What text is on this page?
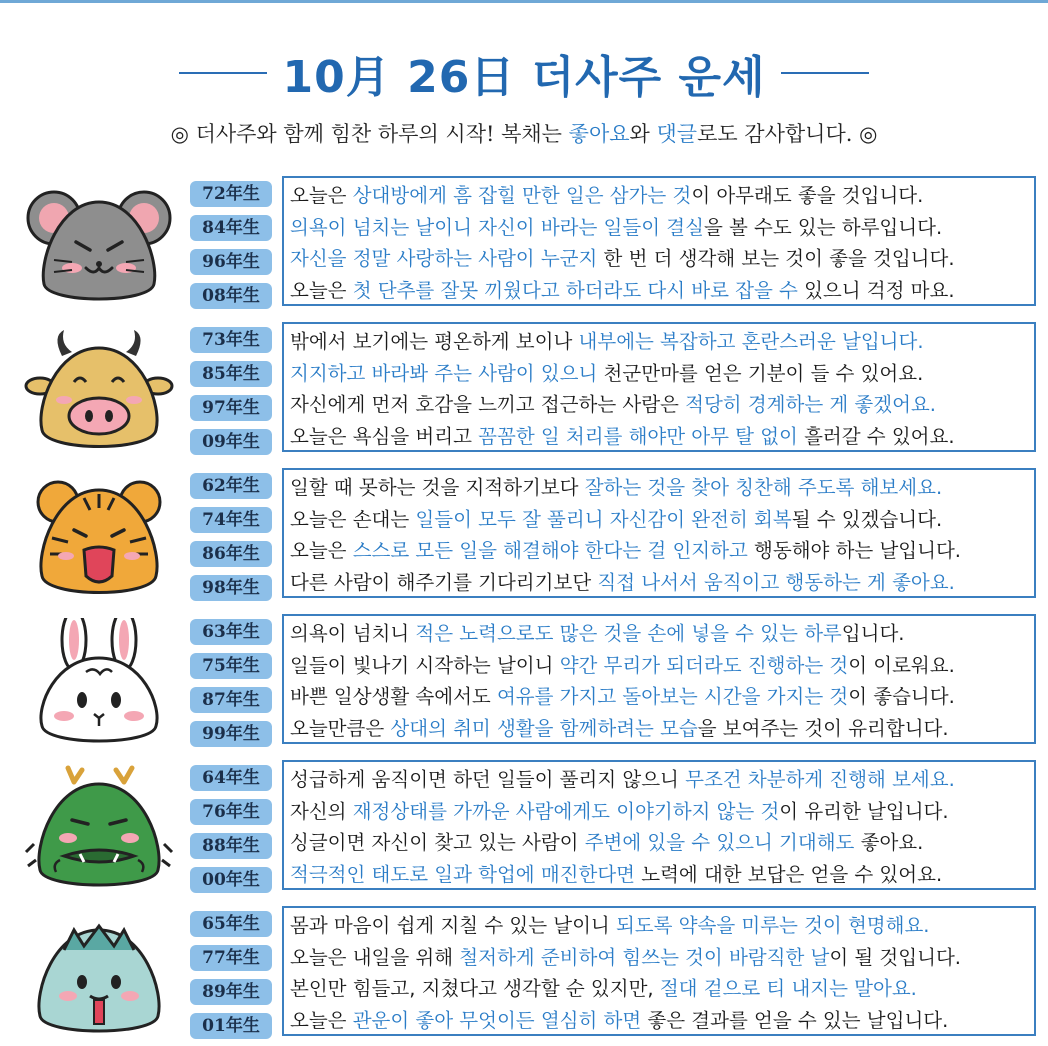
10月 26日 더사주 운세
◎ 더사주와 함께 힘찬 하루의 시작! 복채는 좋아요와 댓글로도 감사합니다. ◎
72年生
84年生
96年生
08年生
오늘은 상대방에게 흠 잡힐 만한 일은 삼가는 것이 아무래도 좋을 것입니다.
의욕이 넘치는 날이니 자신이 바라는 일들이 결실을 볼 수도 있는 하루입니다.
자신을 정말 사랑하는 사람이 누군지 한 번 더 생각해 보는 것이 좋을 것입니다.
오늘은 첫 단추를 잘못 끼웠다고 하더라도 다시 바로 잡을 수 있으니 걱정 마요.
73年生
85年生
97年生
09年生
밖에서 보기에는 평온하게 보이나 내부에는 복잡하고 혼란스러운 날입니다.
지지하고 바라봐 주는 사람이 있으니 천군만마를 얻은 기분이 들 수 있어요.
자신에게 먼저 호감을 느끼고 접근하는 사람은 적당히 경계하는 게 좋겠어요.
오늘은 욕심을 버리고 꼼꼼한 일 처리를 해야만 아무 탈 없이 흘러갈 수 있어요.
62年生
74年生
86年生
98年生
일할 때 못하는 것을 지적하기보다 잘하는 것을 찾아 칭찬해 주도록 해보세요.
오늘은 손대는 일들이 모두 잘 풀리니 자신감이 완전히 회복될 수 있겠습니다.
오늘은 스스로 모든 일을 해결해야 한다는 걸 인지하고 행동해야 하는 날입니다.
다른 사람이 해주기를 기다리기보단 직접 나서서 움직이고 행동하는 게 좋아요.
63年生
75年生
87年生
99年生
의욕이 넘치니 적은 노력으로도 많은 것을 손에 넣을 수 있는 하루입니다.
일들이 빛나기 시작하는 날이니 약간 무리가 되더라도 진행하는 것이 이로워요.
바쁜 일상생활 속에서도 여유를 가지고 돌아보는 시간을 가지는 것이 좋습니다.
오늘만큼은 상대의 취미 생활을 함께하려는 모습을 보여주는 것이 유리합니다.
64年生
76年生
88年生
00年生
성급하게 움직이면 하던 일들이 풀리지 않으니 무조건 차분하게 진행해 보세요.
자신의 재정상태를 가까운 사람에게도 이야기하지 않는 것이 유리한 날입니다.
싱글이면 자신이 찾고 있는 사람이 주변에 있을 수 있으니 기대해도 좋아요.
적극적인 태도로 일과 학업에 매진한다면 노력에 대한 보답은 얻을 수 있어요.
65年生
77年生
89年生
01年生
몸과 마음이 쉽게 지칠 수 있는 날이니 되도록 약속을 미루는 것이 현명해요.
오늘은 내일을 위해 철저하게 준비하여 힘쓰는 것이 바람직한 날이 될 것입니다.
본인만 힘들고, 지쳤다고 생각할 순 있지만, 절대 겉으로 티 내지는 말아요.
오늘은 관운이 좋아 무엇이든 열심히 하면 좋은 결과를 얻을 수 있는 날입니다.
